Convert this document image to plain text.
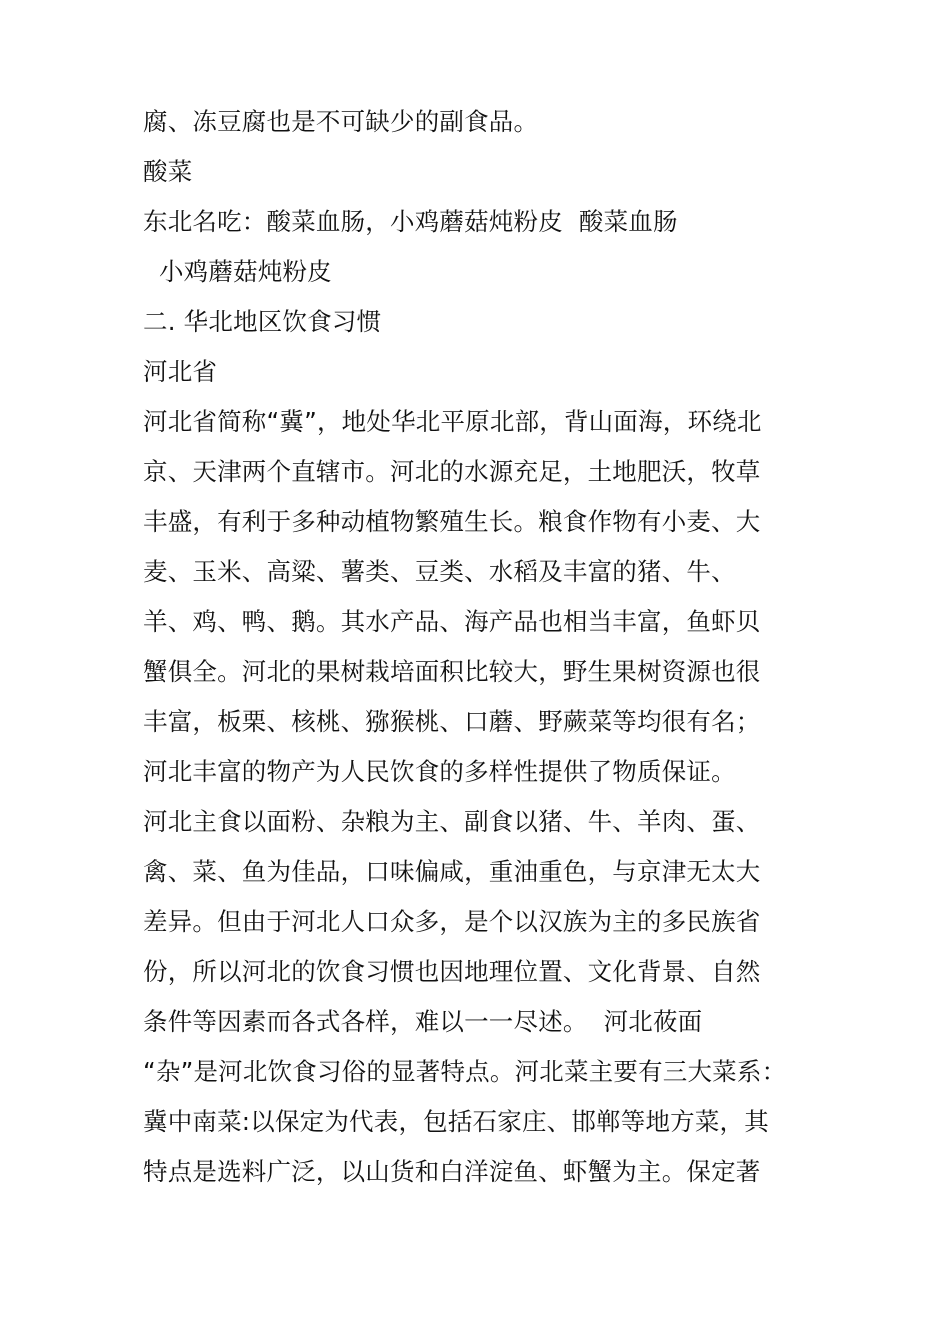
腐、冻豆腐也是不可缺少的副食品。
酸菜
东北名吃：酸菜血肠，小鸡蘑菇炖粉皮  酸菜血肠
小鸡蘑菇炖粉皮
二. 华北地区饮食习惯
河北省
河北省简称“冀”，地处华北平原北部，背山面海，环绕北
京、天津两个直辖市。河北的水源充足，土地肥沃，牧草
丰盛，有利于多种动植物繁殖生长。粮食作物有小麦、大
麦、玉米、高粱、薯类、豆类、水稻及丰富的猪、牛、
羊、鸡、鸭、鹅。其水产品、海产品也相当丰富，鱼虾贝
蟹俱全。河北的果树栽培面积比较大，野生果树资源也很
丰富，板栗、核桃、猕猴桃、口蘑、野蕨菜等均很有名；
河北丰富的物产为人民饮食的多样性提供了物质保证。
河北主食以面粉、杂粮为主、副食以猪、牛、羊肉、蛋、
禽、菜、鱼为佳品，口味偏咸，重油重色，与京津无太大
差异。但由于河北人口众多，是个以汉族为主的多民族省
份，所以河北的饮食习惯也因地理位置、文化背景、自然
条件等因素而各式各样，难以一一尽述。  河北莜面
“杂”是河北饮食习俗的显著特点。河北菜主要有三大菜系：
冀中南菜:以保定为代表，包括石家庄、邯郸等地方菜，其
特点是选料广泛，以山货和白洋淀鱼、虾蟹为主。保定著
